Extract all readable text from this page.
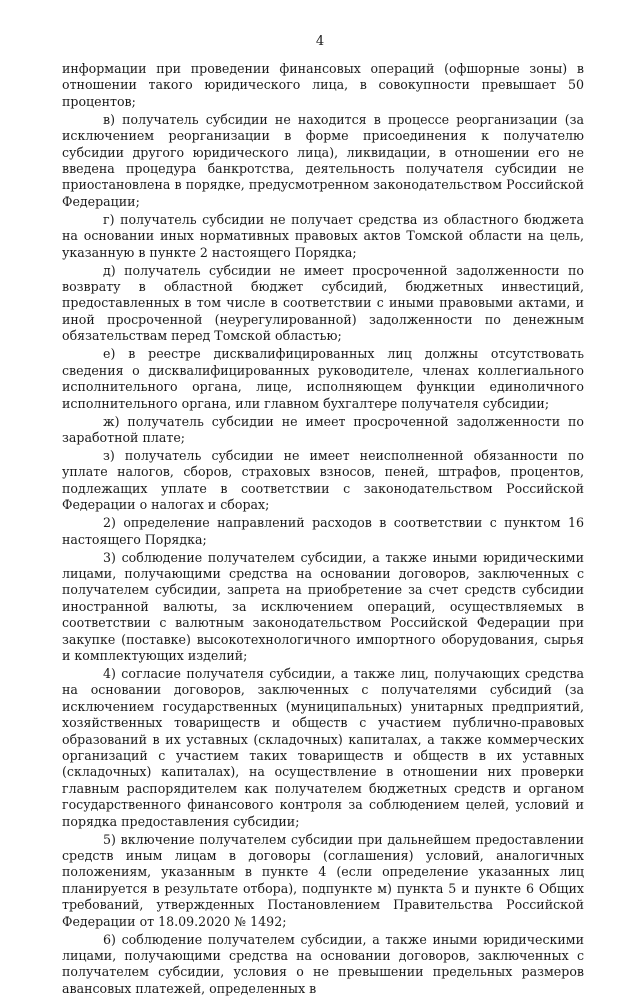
4

информации при проведении финансовых операций (офшорные зоны) в отношении такого юридического лица, в совокупности превышает 50 процентов;

в) получатель субсидии не находится в процессе реорганизации (за исключением реорганизации в форме присоединения к получателю субсидии другого юридического лица), ликвидации, в отношении его не введена процедура банкротства, деятельность получателя субсидии не приостановлена в порядке, предусмотренном законодательством Российской Федерации;

г) получатель субсидии не получает средства из областного бюджета на основании иных нормативных правовых актов Томской области на цель, указанную в пункте 2 настоящего Порядка;

д) получатель субсидии не имеет просроченной задолженности по возврату в областной бюджет субсидий, бюджетных инвестиций, предоставленных в том числе в соответствии с иными правовыми актами, и иной просроченной (неурегулированной) задолженности по денежным обязательствам перед Томской областью;

е) в реестре дисквалифицированных лиц должны отсутствовать сведения о дисквалифицированных руководителе, членах коллегиального исполнительного органа, лице, исполняющем функции единоличного исполнительного органа, или главном бухгалтере получателя субсидии;

ж) получатель субсидии не имеет просроченной задолженности по заработной плате;

з) получатель субсидии не имеет неисполненной обязанности по уплате налогов, сборов, страховых взносов, пеней, штрафов, процентов, подлежащих уплате в соответствии с законодательством Российской Федерации о налогах и сборах;

2) определение направлений расходов в соответствии с пунктом 16 настоящего Порядка;

3) соблюдение получателем субсидии, а также иными юридическими лицами, получающими средства на основании договоров, заключенных с получателем субсидии, запрета на приобретение за счет средств субсидии иностранной валюты, за исключением операций, осуществляемых в соответствии с валютным законодательством Российской Федерации при закупке (поставке) высокотехнологичного импортного оборудования, сырья и комплектующих изделий;

4) согласие получателя субсидии, а также лиц, получающих средства на основании договоров, заключенных с получателями субсидий (за исключением государственных (муниципальных) унитарных предприятий, хозяйственных товариществ и обществ с участием публично-правовых образований в их уставных (складочных) капиталах, а также коммерческих организаций с участием таких товариществ и обществ в их уставных (складочных) капиталах), на осуществление в отношении них проверки главным распорядителем как получателем бюджетных средств и органом государственного финансового контроля за соблюдением целей, условий и порядка предоставления субсидии;

5) включение получателем субсидии при дальнейшем предоставлении средств иным лицам в договоры (соглашения) условий, аналогичных положениям, указанным в пункте 4 (если определение указанных лиц планируется в результате отбора), подпункте м) пункта 5 и пункте 6 Общих требований, утвержденных Постановлением Правительства Российской Федерации от 18.09.2020 № 1492;

6) соблюдение получателем субсидии, а также иными юридическими лицами, получающими средства на основании договоров, заключенных с получателем субсидии, условия о не превышении предельных размеров авансовых платежей, определенных в
